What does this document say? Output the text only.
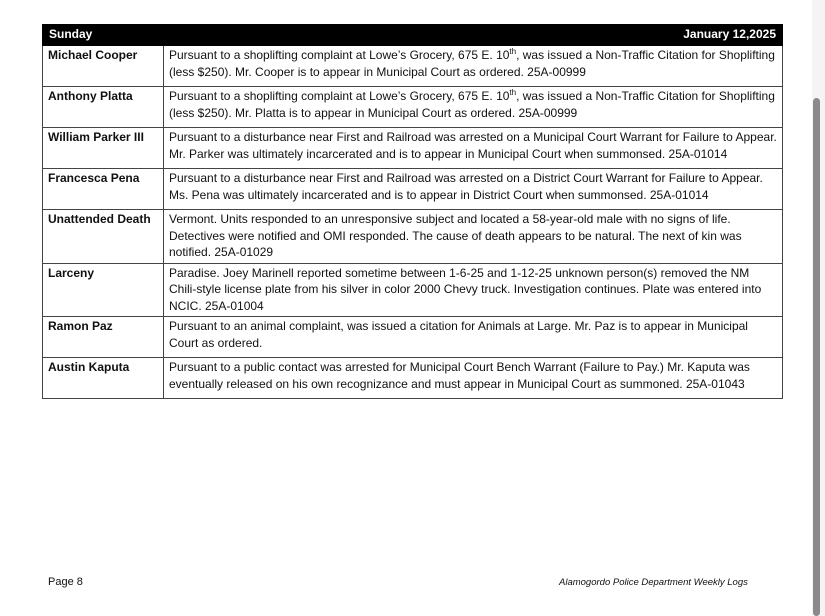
Sunday	January 12,2025
Michael Cooper	Pursuant to a shoplifting complaint at Lowe’s Grocery, 675 E. 10th, was issued a Non-Traffic Citation for Shoplifting (less $250). Mr. Cooper is to appear in Municipal Court as ordered. 25A-00999
Anthony Platta	Pursuant to a shoplifting complaint at Lowe’s Grocery, 675 E. 10th, was issued a Non-Traffic Citation for Shoplifting (less $250). Mr. Platta is to appear in Municipal Court as ordered. 25A-00999
William Parker III	Pursuant to a disturbance near First and Railroad was arrested on a Municipal Court Warrant for Failure to Appear. Mr. Parker was ultimately incarcerated and is to appear in Municipal Court when summonsed. 25A-01014
Francesca Pena	Pursuant to a disturbance near First and Railroad was arrested on a District Court Warrant for Failure to Appear. Ms. Pena was ultimately incarcerated and is to appear in District Court when summonsed. 25A-01014
Unattended Death	Vermont. Units responded to an unresponsive subject and located a 58-year-old male with no signs of life. Detectives were notified and OMI responded. The cause of death appears to be natural. The next of kin was notified. 25A-01029
Larceny	Paradise. Joey Marinell reported sometime between 1-6-25 and 1-12-25 unknown person(s) removed the NM Chili-style license plate from his silver in color 2000 Chevy truck. Investigation continues. Plate was entered into NCIC. 25A-01004
Ramon Paz	Pursuant to an animal complaint, was issued a citation for Animals at Large. Mr. Paz is to appear in Municipal Court as ordered.
Austin Kaputa	Pursuant to a public contact was arrested for Municipal Court Bench Warrant (Failure to Pay.) Mr. Kaputa was eventually released on his own recognizance and must appear in Municipal Court as summoned. 25A-01043
Page 8	Alamogordo Police Department Weekly Logs
